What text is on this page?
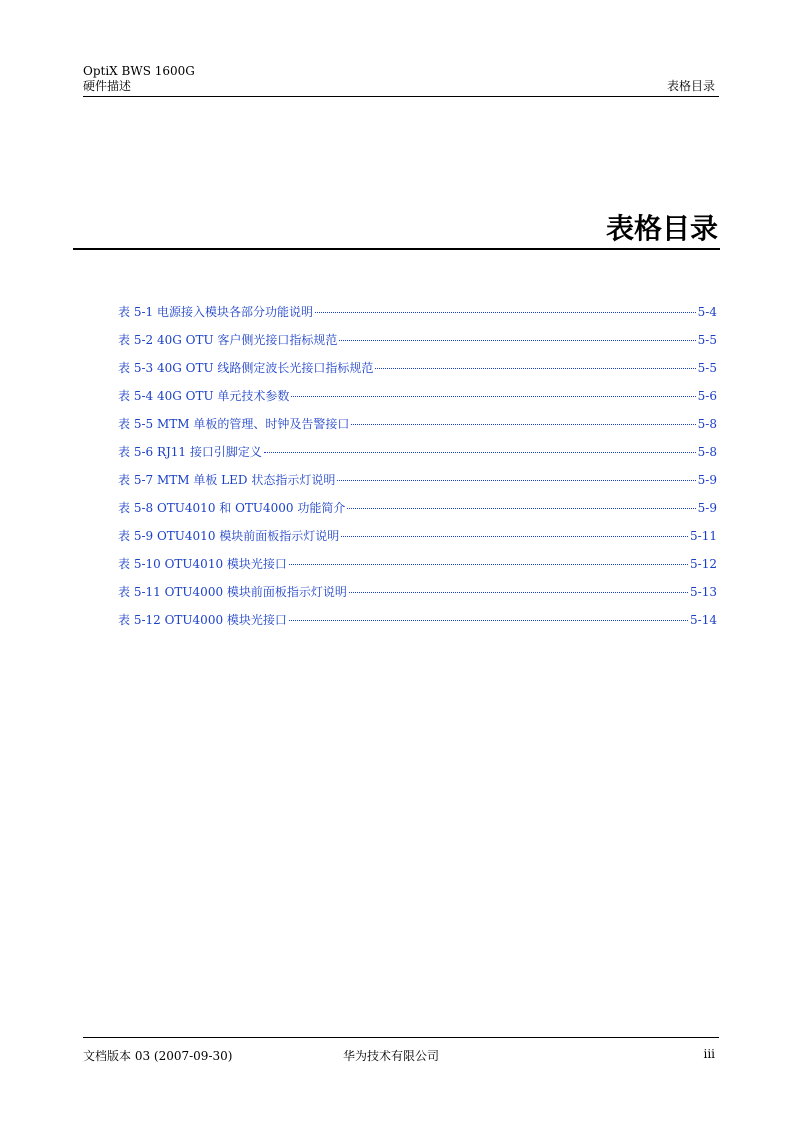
OptiX BWS 1600G
硬件描述	表格目录
表格目录
表 5-1 电源接入模块各部分功能说明	5-4
表 5-2 40G OTU 客户侧光接口指标规范	5-5
表 5-3 40G OTU 线路侧定波长光接口指标规范	5-5
表 5-4 40G OTU 单元技术参数	5-6
表 5-5 MTM 单板的管理、时钟及告警接口	5-8
表 5-6 RJ11 接口引脚定义	5-8
表 5-7 MTM 单板 LED 状态指示灯说明	5-9
表 5-8 OTU4010 和 OTU4000 功能简介	5-9
表 5-9 OTU4010 模块前面板指示灯说明	5-11
表 5-10 OTU4010 模块光接口	5-12
表 5-11 OTU4000 模块前面板指示灯说明	5-13
表 5-12 OTU4000 模块光接口	5-14
文档版本 03 (2007-09-30)	华为技术有限公司	iii
